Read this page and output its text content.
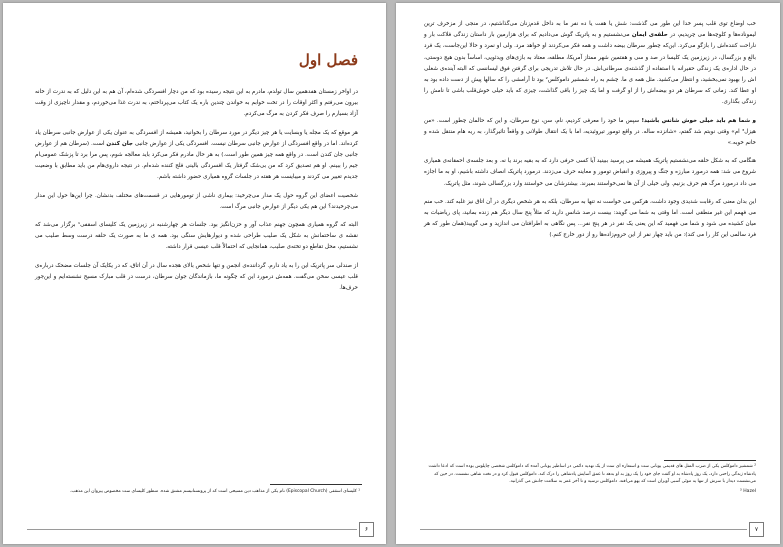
فصل اول

در اواخر زمستان هفدهمین سال تولدم، مادرم به این نتیجه رسیده بود که من دچار افسردگی شده‌ام، آن هم به این دلیل که به ندرت از خانه بیرون می‌رفتم و اکثر اوقات را در تخت خوابم به خواندن چندین باره یک کتاب می‌پرداختم، به ندرت غذا می‌خوردم، و مقدار ناچیزی از وقت آزاد بسیارم را صرف فکر کردن به مرگ می‌کردم.

هر موقع که یک مجله یا وبسایت یا هر چیز دیگر در مورد سرطان را بخوانید، همیشه از افسردگی به عنوان یکی از عوارض جانبی سرطان یاد کرده‌اند. اما در واقع افسردگی از عوارض جانبی سرطان نیست. افسردگی یکی از عوارض جانبی جان کندن است. (سرطان هم از عوارض جانبی جان کندن است. در واقع همه چیز همین طور است.) به هر حال مادرم فکر می‌کرد باید معالجه شوم، پس مرا برد تا پزشک عمومی‌ام جیم را ببینم. او هم تصدیق کرد که من بی‌شک گرفتار یک افسردگی بالینی فلج کننده شده‌ام. در نتیجه داروی‌هام من باید مطابق با وضعیت جدیدم تغییر می کردند و میبایست هر هفته در جلسات گروه همیاری حضور داشته باشم.

شخصیت اعضای این گروه حول یک مدار می‌چرخید: بیماری ناشی از تومورهایی در قسمت‌های مختلف بدنشان. چرا این‌ها حول این مدار می‌چرخیدند؟ این هم یکی دیگر از عوارض جانبی مرگ است.

البته که گروه همیاری همچون جهنم عذاب آور و حزن‌انگیز بود. جلسات هر چهارشنبه در زیرزمین یک کلیسای اسقفی¹ برگزار می‌شد که نقشه ی ساختمانش به شکل یک صلیب طراحی شده و دیوارهایش سنگی بود. همه ی ما به صورت یک حلقه درست وسط صلیب می نشستیم، محل تقاطع دو تخته‌ی صلیب، همانجایی که احتمالاً قلب عیسی قرار داشته.

از صندلی سر پاتریک این را به یاد دارم. گرداننده‌ی انجمن و تنها شخص بالای هجده سال در آن اتاق، که در یکایک آن جلسات مضحک درباره‌ی قلب عیسی سخن می‌گفت. همه‌ش درمورد این که چگونه ما، بازماندگان جوان سرطان، درست در قلب مبارک مسیح نشسته‌ایم و این‌جور حرف‌ها.

¹ کلیسای اسقفی (Episcopal Church) نام یکی از مذاهب دین مسیحی است که از پروتستانیسم مشتق شده. منظور کلیسای ست مخصوص پیروان این مذهب.
۶

خب اوضاع توی قلب پسر خدا این طور می گذشت: شش یا هفت یا ده نفر ما به داخل قدم‌زنان می‌گذاشتیم، در منجی از مزخرف ترین لیموناده‌ها و کلوچه‌ها می چریدیم، در حلقه‌ی ایمان می‌نشستیم و به پاتریک گوش می‌دادیم که برای هزارمین بار داستان زندگی فلاکت بار و ناراحت کننده‌اش را بازگو می‌کرد. این‌که چطور سرطان بیضه داشت و همه فکر می‌کردند او خواهد مرد. ولی او نمرد و حالا این‌جاست، یک فرد بالغ و بزرگسال، در زیرزمین یک کلیسا در صد و سی و هفتمین شهر ممتاز آمریکا، مطلقه، معتاد به بازی‌های ویدئویی، اساساً بدون هیچ دوستی، در حال اداره‌ی یک زندگی حقیرانه با استفاده از گذشته‌ی سرطانی‌اش. در حال تلاش تدریجی برای گرفتن فوق لیسانسی که البته آینده‌ی شغلی اش را بهبود نمی‌بخشید، و انتظار می‌کشید. مثل همه ی ما. چشم به راه شمشیر داموکلس² بود تا آرامشی را که سالها پیش از دست داده بود به او عطا کند. زمانی که سرطان هر دو بیضه‌اش را از او گرفت و اما یک چیز را باقی گذاشت، چیزی که باید خیلی خوش‌قلب باشی تا نامش را زندگی بگذاری.

و شما هم باید خیلی خوش شانس باشید! سپس ما خود را معرفی کردیم، نام، سن، نوع سرطان، و این که حالمان چطور است. «من هیزل³ ام» وقتی نوبتم شد گفتم، «شانزده ساله. در واقع تومور تیروئیدیه، اما با یک انتقال طولانی و واقعاً تاثیرگذار، به ریه هام منتقل شده و خانم خوبه.»

هنگامی که به شکل حلقه می‌نشستیم پاتریک همیشه می پرسید ببینید آیا کسی حرفی دارد که به بقیه برند یا نه. و بعد جلسه‌ی احمقانه‌ی همیاری شروع می شد: همه درمورد مبارزه و جنگ و پیروزی و انقباض تومور و معاینه حرف می‌زدند. درمورد پاتریک انصاف داشته باشیم، او به ما اجازه می داد درمورد مرگ هم حرف بزنیم. ولی خیلی از آن ها نمی‌خواستند بمیرند. بیشترشان می خواستند وارد بزرگسالی شوند، مثل پاتریک.

این بدان معنی که رقابت شدیدی وجود داشت، هرکس می خواست نه تنها به سرطان، بلکه به هر شخص دیگری در آن اتاق نیز غلبه کند. خب منم می فهمم این غیر منطقی است. اما وقتی به شما می گویند: بیست درصد شانس دارید که مثلاً پنج سال دیگر هم زنده بمانید، پای ریاضیات به میان کشیده می شود و شما می فهمید که این یعنی یک نفر در هر پنج نفر... پس نگاهی به اطرافتان می اندازید و می گویید(همان طور که هر فرد سالمی این کار را می کند): من باید چهار نفر از این حروم‌زاده‌ها رو از دور خارج کنم.)

² شمشیر داموکلس یکی از ضرب المثل های قدیمی یونانی ست و استعاره ای ست از یک تهدید دائمی در اساطیر یونانی آمده که داموکلس شخصی چاپلوس بوده است که ادعا داشت پادشاه زندگی راحتی دارد، یک روز پادشاه به او گفت جای خود را یک روز به او بدهد تا عمق آسایش پادشاهی را درک کند. داموکلس قبول کرد و در تخت شاهی نشست. در حین که می‌نشست دیدار با سرش از تنها یه موئی آسبی آویزان است که یهو می‌افتد. داموکلس ترسید و تا آخر عمر به سلامت جانش می گذرانید.
³ Hazel
۷
